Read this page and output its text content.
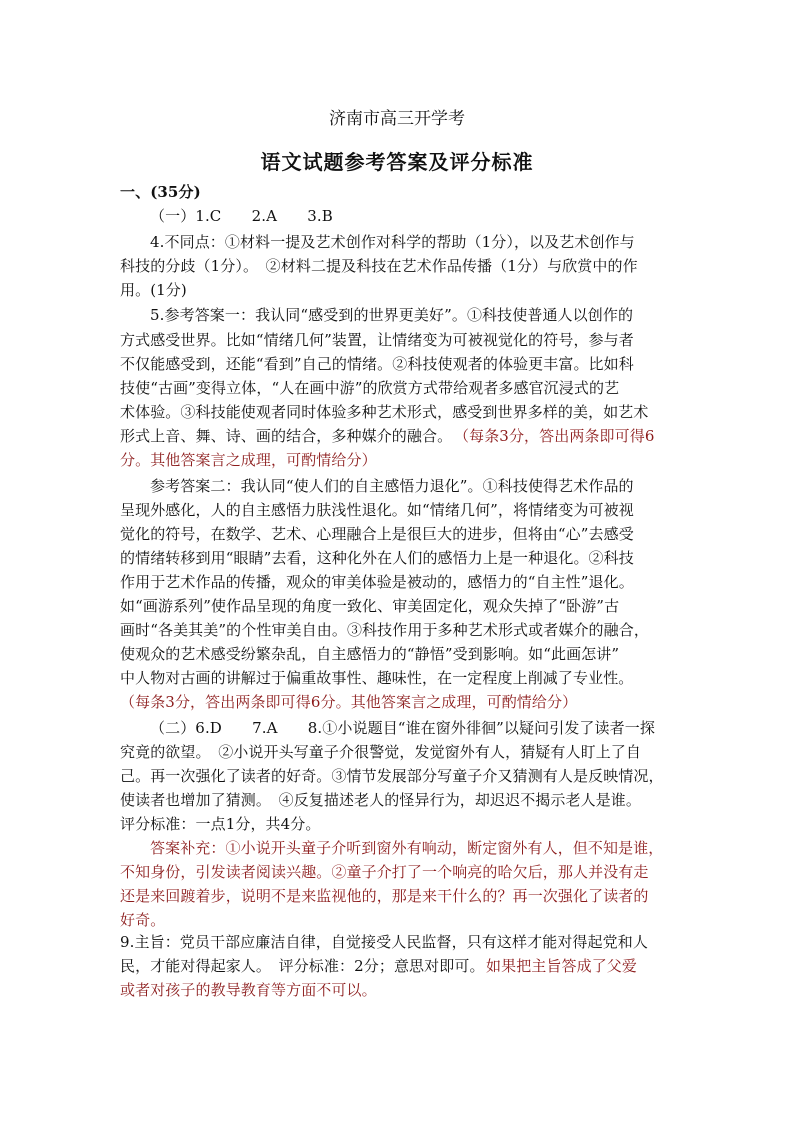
济南市高三开学考
语文试题参考答案及评分标准
一、(35分)
（一）1.C　　2.A　　3.B
4.不同点：①材料一提及艺术创作对科学的帮助（1分），以及艺术创作与
科技的分歧（1分）。　②材料二提及科技在艺术作品传播（1分）与欣赏中的作
用。(1分)
5.参考答案一：我认同“感受到的世界更美好”。①科技使普通人以创作的
方式感受世界。比如“情绪几何”装置，让情绪变为可被视觉化的符号，参与者
不仅能感受到，还能“看到”自己的情绪。②科技使观者的体验更丰富。比如科
技使“古画”变得立体，“人在画中游”的欣赏方式带给观者多感官沉浸式的艺
术体验。③科技能使观者同时体验多种艺术形式，感受到世界多样的美，如艺术
形式上音、舞、诗、画的结合，多种媒介的融合。 （每条3分，答出两条即可得6
分。其他答案言之成理，可酌情给分）
参考答案二：我认同“使人们的自主感悟力退化”。①科技使得艺术作品的
呈现外感化，人的自主感悟力肤浅性退化。如“情绪几何”，将情绪变为可被视
觉化的符号，在数学、艺术、心理融合上是很巨大的进步，但将由“心”去感受
的情绪转移到用“眼睛”去看，这种化外在人们的感悟力上是一种退化。②科技
作用于艺术作品的传播，观众的审美体验是被动的，感悟力的“自主性”退化。
如“画游系列”使作品呈现的角度一致化、审美固定化，观众失掉了“卧游”古
画时“各美其美”的个性审美自由。③科技作用于多种艺术形式或者媒介的融合，
使观众的艺术感受纷繁杂乱，自主感悟力的“静悟”受到影响。如“此画怎讲”
中人物对古画的讲解过于偏重故事性、趣味性，在一定程度上削减了专业性。
（每条3分，答出两条即可得6分。其他答案言之成理，可酌情给分）
（二）6.D　　7.A　　8.①小说题目“谁在窗外徘徊”以疑问引发了读者一探
究竟的欲望。　②小说开头写童子介很警觉，发觉窗外有人，猜疑有人盯上了自
己。再一次强化了读者的好奇。③情节发展部分写童子介又猜测有人是反映情况，
使读者也增加了猜测。　④反复描述老人的怪异行为，却迟迟不揭示老人是谁。
评分标准：一点1分，共4分。
答案补充：①小说开头童子介听到窗外有响动，断定窗外有人，但不知是谁，
不知身份，引发读者阅读兴趣。②童子介打了一个响亮的哈欠后，那人并没有走
还是来回踱着步，说明不是来监视他的，那是来干什么的？再一次强化了读者的
好奇。
9.主旨：党员干部应廉洁自律，自觉接受人民监督，只有这样才能对得起党和人
民，才能对得起家人。　评分标准：2分；意思对即可。 如果把主旨答成了父爱
或者对孩子的教导教育等方面不可以。
